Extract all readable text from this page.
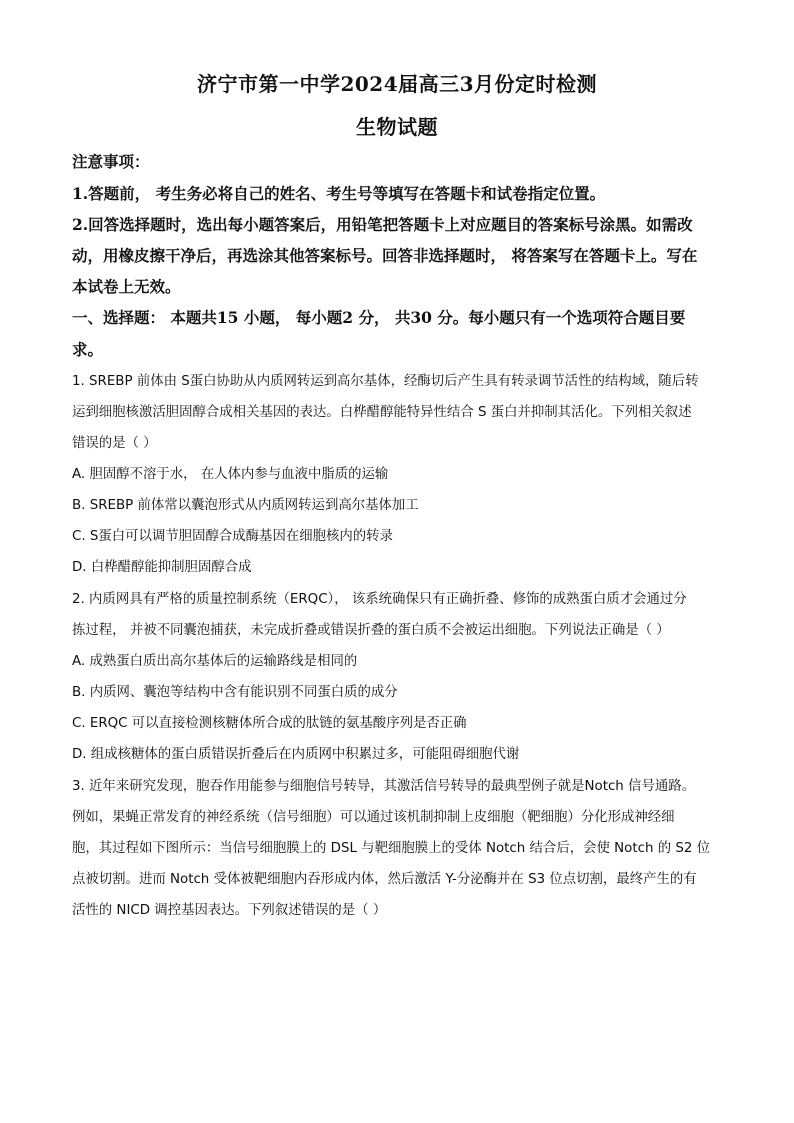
济宁市第一中学2024届高三3月份定时检测
生物试题
注意事项：
1.答题前， 考生务必将自己的姓名、考生号等填写在答题卡和试卷指定位置。
2.回答选择题时，选出每小题答案后，用铅笔把答题卡上对应题目的答案标号涂黑。如需改
动，用橡皮擦干净后，再选涂其他答案标号。回答非选择题时， 将答案写在答题卡上。写在
本试卷上无效。
一、选择题： 本题共15 小题， 每小题2 分， 共30 分。每小题只有一个选项符合题目要
求。
1. SREBP 前体由 S蛋白协助从内质网转运到高尔基体，经酶切后产生具有转录调节活性的结构域，随后转
运到细胞核激活胆固醇合成相关基因的表达。白桦醋醇能特异性结合 S 蛋白并抑制其活化。下列相关叙述
错误的是（ ）
A. 胆固醇不溶于水， 在人体内参与血液中脂质的运输
B. SREBP 前体常以囊泡形式从内质网转运到高尔基体加工
C. S蛋白可以调节胆固醇合成酶基因在细胞核内的转录
D. 白桦醋醇能抑制胆固醇合成
2. 内质网具有严格的质量控制系统（ERQC）， 该系统确保只有正确折叠、修饰的成熟蛋白质才会通过分
拣过程， 并被不同囊泡捕获，未完成折叠或错误折叠的蛋白质不会被运出细胞。下列说法正确是（ ）
A. 成熟蛋白质出高尔基体后的运输路线是相同的
B. 内质网、囊泡等结构中含有能识别不同蛋白质的成分
C. ERQC 可以直接检测核糖体所合成的肽链的氨基酸序列是否正确
D. 组成核糖体的蛋白质错误折叠后在内质网中积累过多，可能阻碍细胞代谢
3. 近年来研究发现，胞吞作用能参与细胞信号转导，其激活信号转导的最典型例子就是Notch 信号通路。
例如，果蝇正常发育的神经系统（信号细胞）可以通过该机制抑制上皮细胞（靶细胞）分化形成神经细
胞，其过程如下图所示：当信号细胞膜上的 DSL 与靶细胞膜上的受体 Notch 结合后，会使 Notch 的 S2 位
点被切割。进而 Notch 受体被靶细胞内吞形成内体，然后激活 Y-分泌酶并在 S3 位点切割，最终产生的有
活性的 NICD 调控基因表达。下列叙述错误的是（ ）
